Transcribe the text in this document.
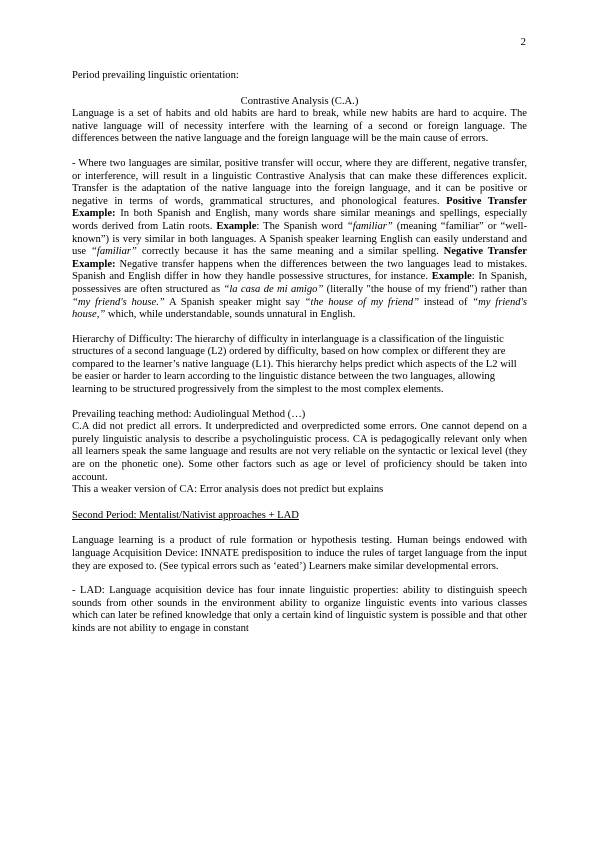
2

Period prevailing linguistic orientation:

Contrastive Analysis (C.A.)

Language is a set of habits and old habits are hard to break, while new habits are hard to acquire. The native language will of necessity interfere with the learning of a second or foreign language. The differences between the native language and the foreign language will be the main cause of errors.

- Where two languages are similar, positive transfer will occur, where they are different, negative transfer, or interference, will result in a linguistic Contrastive Analysis that can make these differences explicit. Transfer is the adaptation of the native language into the foreign language, and it can be positive or negative in terms of words, grammatical structures, and phonological features. Positive Transfer Example: In both Spanish and English, many words share similar meanings and spellings, especially words derived from Latin roots. Example: The Spanish word “familiar” (meaning “familiar” or “well-known”) is very similar in both languages. A Spanish speaker learning English can easily understand and use “familiar” correctly because it has the same meaning and a similar spelling. Negative Transfer Example: Negative transfer happens when the differences between the two languages lead to mistakes. Spanish and English differ in how they handle possessive structures, for instance. Example: In Spanish, possessives are often structured as “la casa de mi amigo” (literally "the house of my friend") rather than “my friend's house.” A Spanish speaker might say “the house of my friend” instead of “my friend's house,” which, while understandable, sounds unnatural in English.

Hierarchy of Difficulty: The hierarchy of difficulty in interlanguage is a classification of the linguistic structures of a second language (L2) ordered by difficulty, based on how complex or different they are compared to the learner’s native language (L1). This hierarchy helps predict which aspects of the L2 will be easier or harder to learn according to the linguistic distance between the two languages, allowing learning to be structured progressively from the simplest to the most complex elements.

Prevailing teaching method: Audiolingual Method (…)

C.A did not predict all errors. It underpredicted and overpredicted some errors. One cannot depend on a purely linguistic analysis to describe a psycholinguistic process. CA is pedagogically relevant only when all learners speak the same language and results are not very reliable on the syntactic or lexical level (they are on the phonetic one). Some other factors such as age or level of proficiency should be taken into account.

This a weaker version of CA: Error analysis does not predict but explains

Second Period: Mentalist/Nativist approaches + LAD

Language learning is a product of rule formation or hypothesis testing. Human beings endowed with language Acquisition Device: INNATE predisposition to induce the rules of target language from the input they are exposed to. (See typical errors such as ‘eated’) Learners make similar developmental errors.

- LAD: Language acquisition device has four innate linguistic properties: ability to distinguish speech sounds from other sounds in the environment ability to organize linguistic events into various classes which can later be refined knowledge that only a certain kind of linguistic system is possible and that other kinds are not ability to engage in constant
